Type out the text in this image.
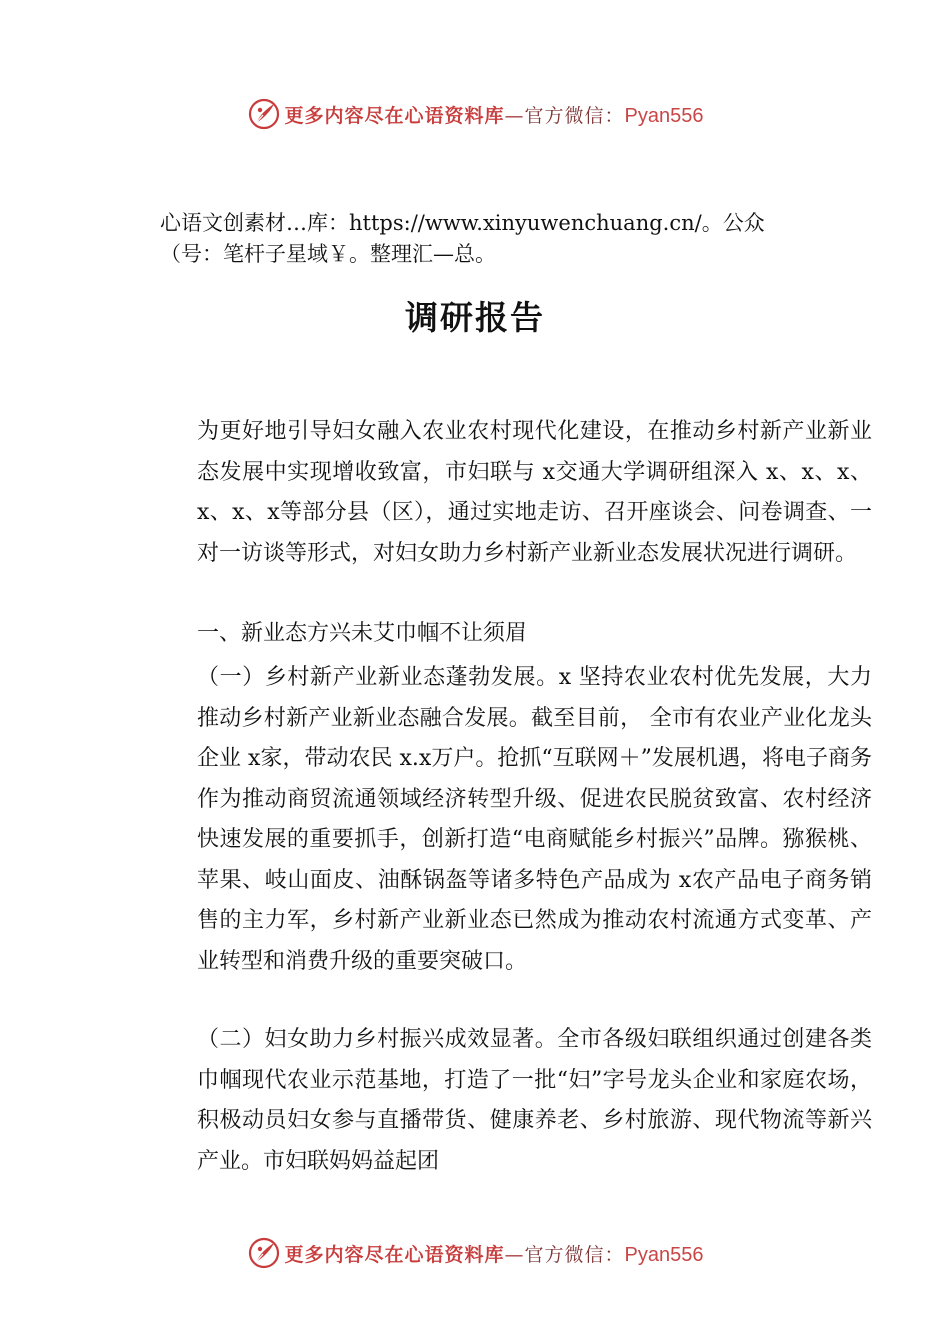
更多内容尽在心语资料库—官方微信：Pyan556

心语文创素材…库：https://www.xinyuwenchuang.cn/。公众（号：笔杆子星域￥。整理汇—总。

调研报告

为更好地引导妇女融入农业农村现代化建设，在推动乡村新产业新业态发展中实现增收致富，市妇联与 x交通大学调研组深入 x、x、x、x、x、x等部分县（区），通过实地走访、召开座谈会、问卷调查、一对一访谈等形式，对妇女助力乡村新产业新业态发展状况进行调研。

一、新业态方兴未艾巾帼不让须眉

（一）乡村新产业新业态蓬勃发展。x 坚持农业农村优先发展，大力推动乡村新产业新业态融合发展。截至目前， 全市有农业产业化龙头企业 x家，带动农民 x.x万户。抢抓“互联网＋”发展机遇，将电子商务作为推动商贸流通领域经济转型升级、促进农民脱贫致富、农村经济快速发展的重要抓手，创新打造“电商赋能乡村振兴”品牌。猕猴桃、苹果、岐山面皮、油酥锅盔等诸多特色产品成为 x农产品电子商务销售的主力军，乡村新产业新业态已然成为推动农村流通方式变革、产业转型和消费升级的重要突破口。

（二）妇女助力乡村振兴成效显著。全市各级妇联组织通过创建各类巾帼现代农业示范基地，打造了一批“妇”字号龙头企业和家庭农场，积极动员妇女参与直播带货、健康养老、乡村旅游、现代物流等新兴产业。市妇联妈妈益起团

更多内容尽在心语资料库—官方微信：Pyan556
